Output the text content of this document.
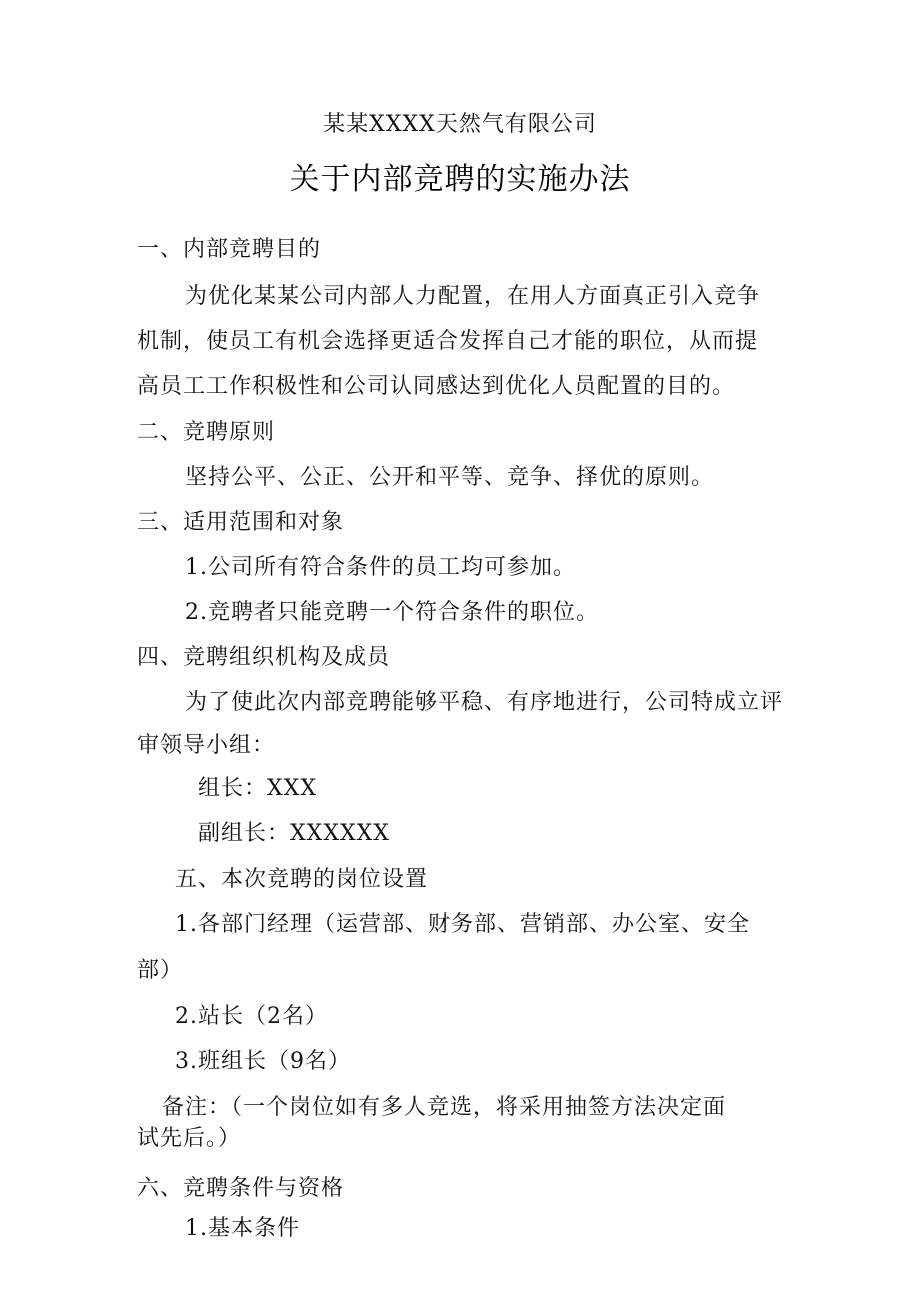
某某XXXX天然气有限公司
关于内部竞聘的实施办法
一、内部竞聘目的
为优化某某公司内部人力配置，在用人方面真正引入竞争
机制，使员工有机会选择更适合发挥自己才能的职位，从而提
高员工工作积极性和公司认同感达到优化人员配置的目的。
二、竞聘原则
坚持公平、公正、公开和平等、竞争、择优的原则。
三、适用范围和对象
1.公司所有符合条件的员工均可参加。
2.竞聘者只能竞聘一个符合条件的职位。
四、竞聘组织机构及成员
为了使此次内部竞聘能够平稳、有序地进行，公司特成立评
审领导小组：
组长：XXX
副组长：XXXXXX
五、本次竞聘的岗位设置
1.各部门经理（运营部、财务部、营销部、办公室、安全
部）
2.站长（2名）
3.班组长（9名）
备注：（一个岗位如有多人竞选，将采用抽签方法决定面
试先后。）
六、竞聘条件与资格
1.基本条件
